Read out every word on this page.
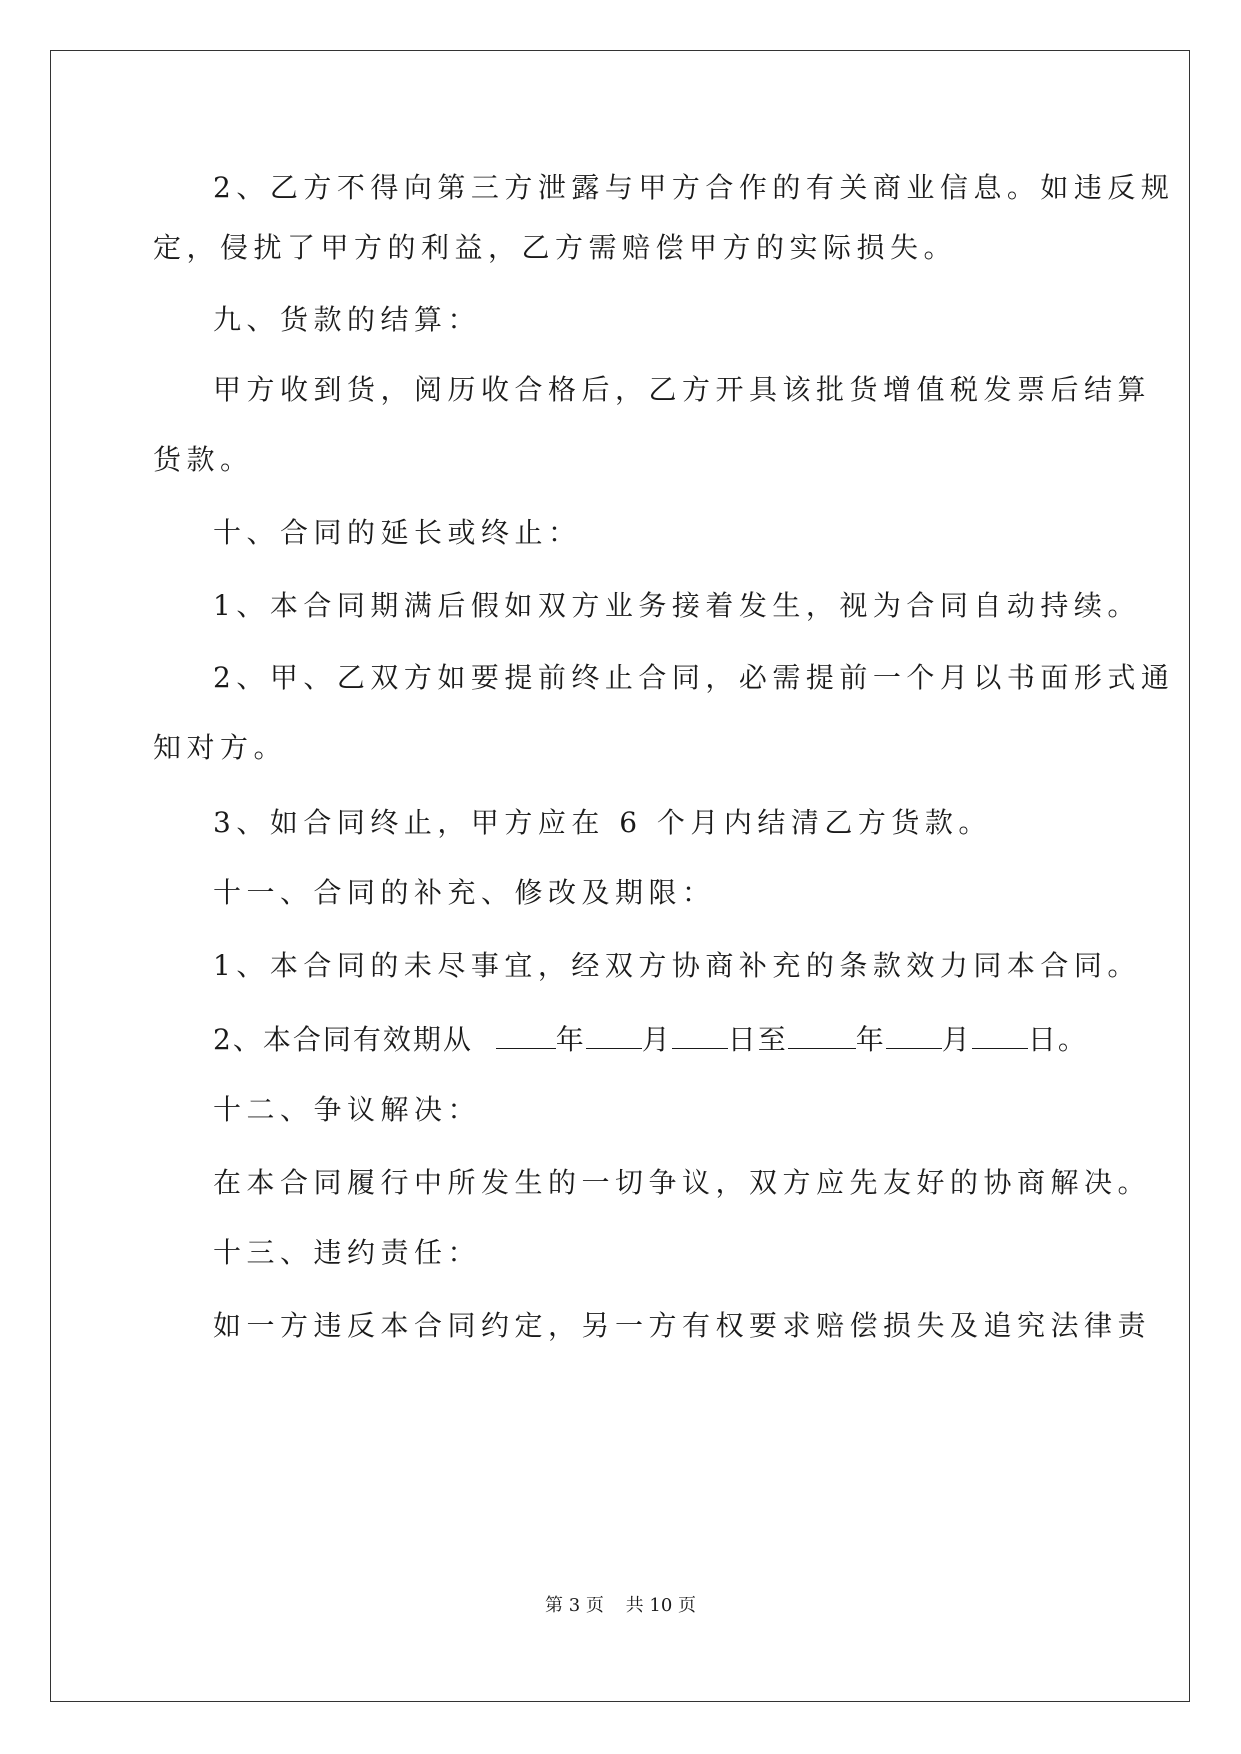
2、乙方不得向第三方泄露与甲方合作的有关商业信息。如违反规
定，侵扰了甲方的利益，乙方需赔偿甲方的实际损失。
九、货款的结算：
甲方收到货，阅历收合格后，乙方开具该批货增值税发票后结算
货款。
十、合同的延长或终止：
1、本合同期满后假如双方业务接着发生，视为合同自动持续。
2、甲、乙双方如要提前终止合同，必需提前一个月以书面形式通
知对方。
3、如合同终止，甲方应在 6 个月内结清乙方货款。
十一、合同的补充、修改及期限：
1、本合同的未尽事宜，经双方协商补充的条款效力同本合同。
2、本合同有效期从	年 月 日至 年 月 日。
十二、争议解决：
在本合同履行中所发生的一切争议，双方应先友好的协商解决。
十三、违约责任：
如一方违反本合同约定，另一方有权要求赔偿损失及追究法律责
第 3 页 共 10 页
